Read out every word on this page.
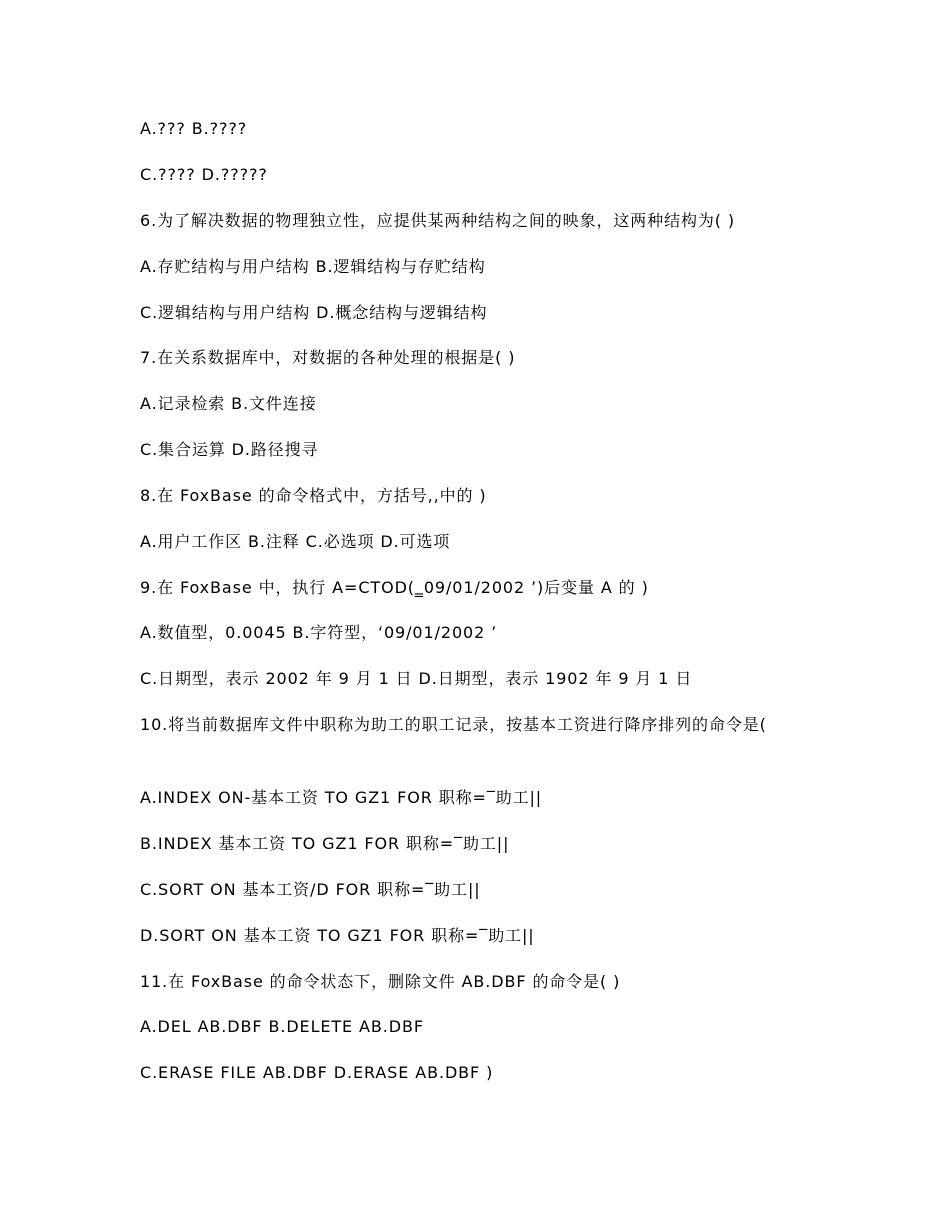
A.??? B.????
C.???? D.?????
6.为了解决数据的物理独立性，应提供某两种结构之间的映象，这两种结构为( )
A.存贮结构与用户结构 B.逻辑结构与存贮结构
C.逻辑结构与用户结构 D.概念结构与逻辑结构
7.在关系数据库中，对数据的各种处理的根据是( )
A.记录检索 B.文件连接
C.集合运算 D.路径搜寻
8.在 FoxBase 的命令格式中，方括号,,中的 )
A.用户工作区 B.注释 C.必选项 D.可选项
9.在 FoxBase 中，执行 A=CTOD(‗09/01/2002 ’)后变量 A 的 )
A.数值型，0.0045 B.字符型，‘09/01/2002 ’
C.日期型，表示 2002 年 9 月 1 日 D.日期型，表示 1902 年 9 月 1 日
10.将当前数据库文件中职称为助工的职工记录，按基本工资进行降序排列的命令是(
A.INDEX ON-基本工资 TO GZ1 FOR 职称=‾助工||
B.INDEX 基本工资 TO GZ1 FOR 职称=‾助工||
C.SORT ON 基本工资/D FOR 职称=‾助工||
D.SORT ON 基本工资 TO GZ1 FOR 职称=‾助工||
11.在 FoxBase 的命令状态下，删除文件 AB.DBF 的命令是( )
A.DEL AB.DBF B.DELETE AB.DBF
C.ERASE FILE AB.DBF D.ERASE AB.DBF )
